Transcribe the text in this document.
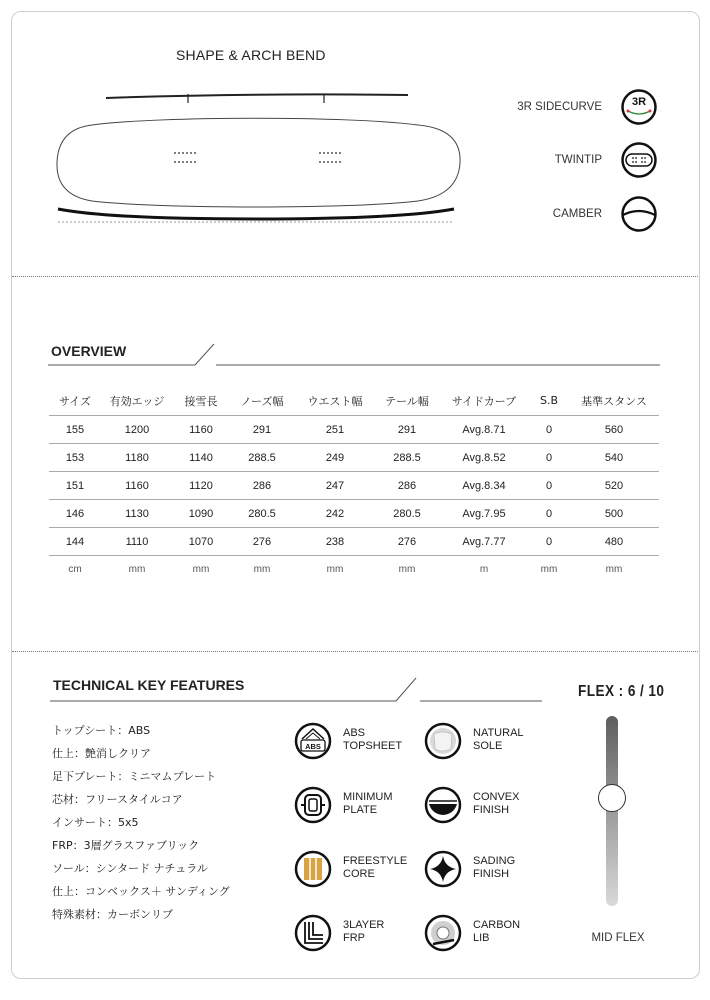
SHAPE & ARCH BEND
3R SIDECURVE	3R
TWINTIP
CAMBER
OVERVIEW
サイズ	有効エッジ	接雪長	ノーズ幅	ウエスト幅	テール幅	サイドカーブ	S.B	基準スタンス
155	1200	1160	291	251	291	Avg.8.71	0	560
153	1180	1140	288.5	249	288.5	Avg.8.52	0	540
151	1160	1120	286	247	286	Avg.8.34	0	520
146	1130	1090	280.5	242	280.5	Avg.7.95	0	500
144	1110	1070	276	238	276	Avg.7.77	0	480
cm	mm	mm	mm	mm	mm	m	mm	mm
TECHNICAL KEY FEATURES
トップシート：ABS
仕上：艶消しクリア
足下プレート：ミニマムプレート
芯材：フリースタイルコア
インサート：5x5
FRP：3層グラスファブリック
ソール：シンタード ナチュラル
仕上：コンベックス＋ サンディング
特殊素材：カーボンリブ
ABS
ABS
TOPSHEET
NATURAL
SOLE
MINIMUM
PLATE
CONVEX
FINISH
FREESTYLE
CORE
SADING
FINISH
3LAYER
FRP
CARBON
LIB
FLEX : 6 / 10
MID FLEX
